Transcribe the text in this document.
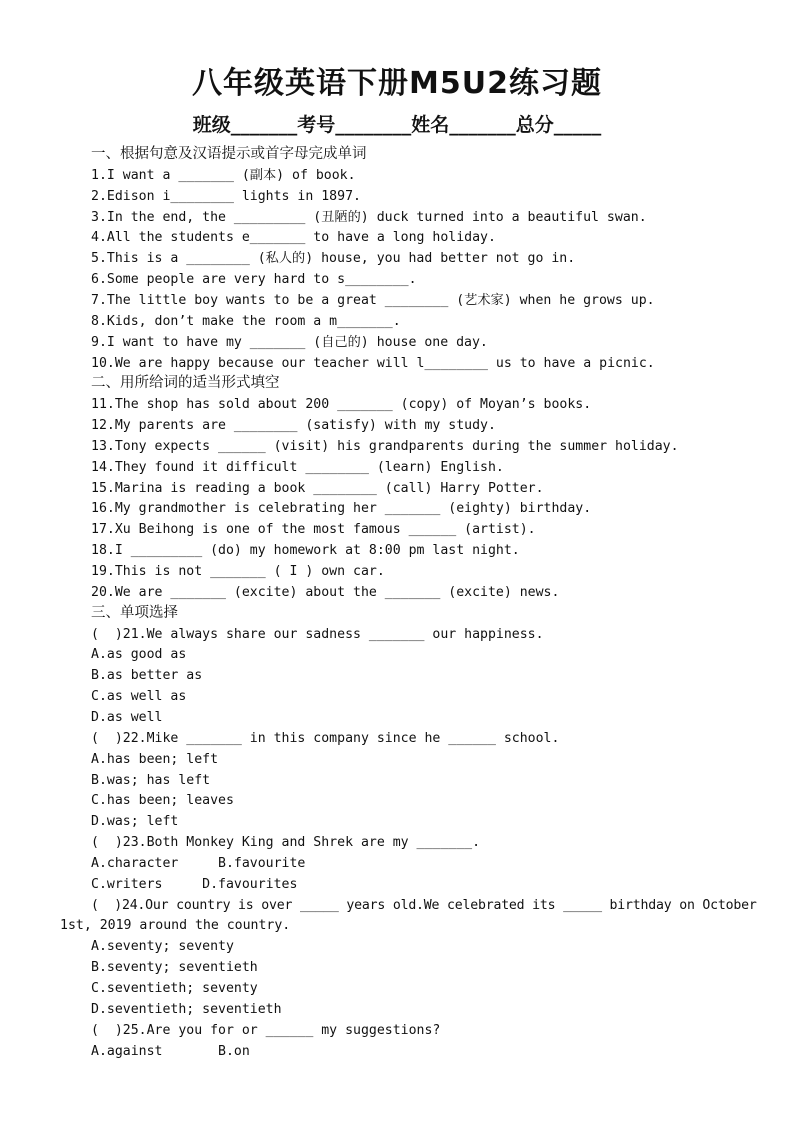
八年级英语下册M5U2练习题
班级_______考号________姓名_______总分_____
一、根据句意及汉语提示或首字母完成单词
1.I want a _______ (副本) of book.
2.Edison i________ lights in 1897.
3.In the end, the _________ (丑陋的) duck turned into a beautiful swan.
4.All the students e_______ to have a long holiday.
5.This is a ________ (私人的) house, you had better not go in.
6.Some people are very hard to s________.
7.The little boy wants to be a great ________ (艺术家) when he grows up.
8.Kids, don’t make the room a m_______.
9.I want to have my _______ (自己的) house one day.
10.We are happy because our teacher will l________ us to have a picnic.
二、用所给词的适当形式填空
11.The shop has sold about 200 _______ (copy) of Moyan’s books.
12.My parents are ________ (satisfy) with my study.
13.Tony expects ______ (visit) his grandparents during the summer holiday.
14.They found it difficult ________ (learn) English.
15.Marina is reading a book ________ (call) Harry Potter.
16.My grandmother is celebrating her _______ (eighty) birthday.
17.Xu Beihong is one of the most famous ______ (artist).
18.I _________ (do) my homework at 8:00 pm last night.
19.This is not _______ ( I ) own car.
20.We are _______ (excite) about the _______ (excite) news.
三、单项选择
(  )21.We always share our sadness _______ our happiness.
A.as good as
B.as better as
C.as well as
D.as well
(  )22.Mike _______ in this company since he ______ school.
A.has been; left
B.was; has left
C.has been; leaves
D.was; left
(  )23.Both Monkey King and Shrek are my _______.
A.character     B.favourite
C.writers     D.favourites
(  )24.Our country is over _____ years old.We celebrated its _____ birthday on October
1st, 2019 around the country.
A.seventy; seventy
B.seventy; seventieth
C.seventieth; seventy
D.seventieth; seventieth
(  )25.Are you for or ______ my suggestions?
A.against       B.on
